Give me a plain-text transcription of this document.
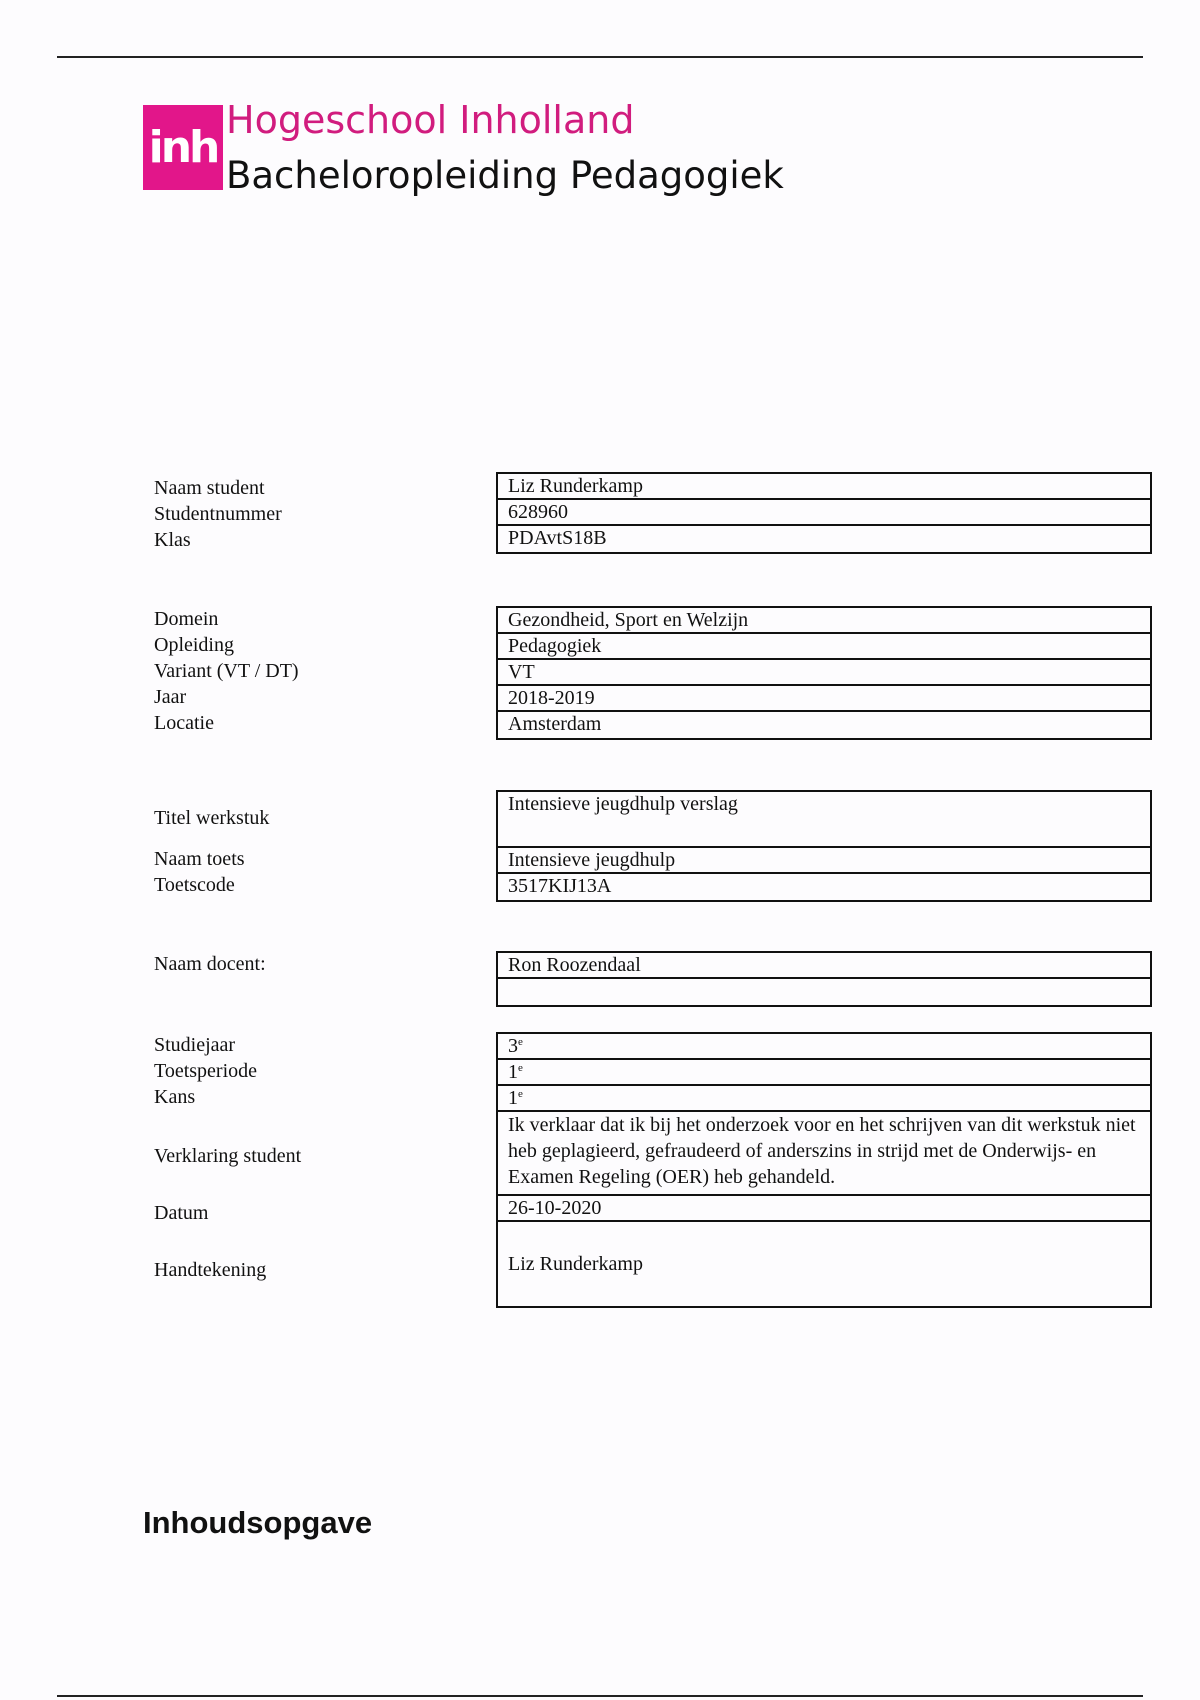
inh
Hogeschool Inholland
Bacheloropleiding Pedagogiek
Naam student
Studentnummer
Klas
Liz Runderkamp
628960
PDAvtS18B
Domein
Opleiding
Variant (VT / DT)
Jaar
Locatie
Gezondheid, Sport en Welzijn
Pedagogiek
VT
2018-2019
Amsterdam
Titel werkstuk
Naam toets
Toetscode
Intensieve jeugdhulp verslag
Intensieve jeugdhulp
3517KIJ13A
Naam docent:	Ron Roozendaal
Studiejaar
Toetsperiode
Kans
Verklaring student
Datum
Handtekening
3e
1e
1e
Ik verklaar dat ik bij het onderzoek voor en het schrijven van dit werkstuk niet heb geplagieerd, gefraudeerd of anderszins in strijd met de Onderwijs- en Examen Regeling (OER) heb gehandeld.
26-10-2020
Liz Runderkamp
Inhoudsopgave
